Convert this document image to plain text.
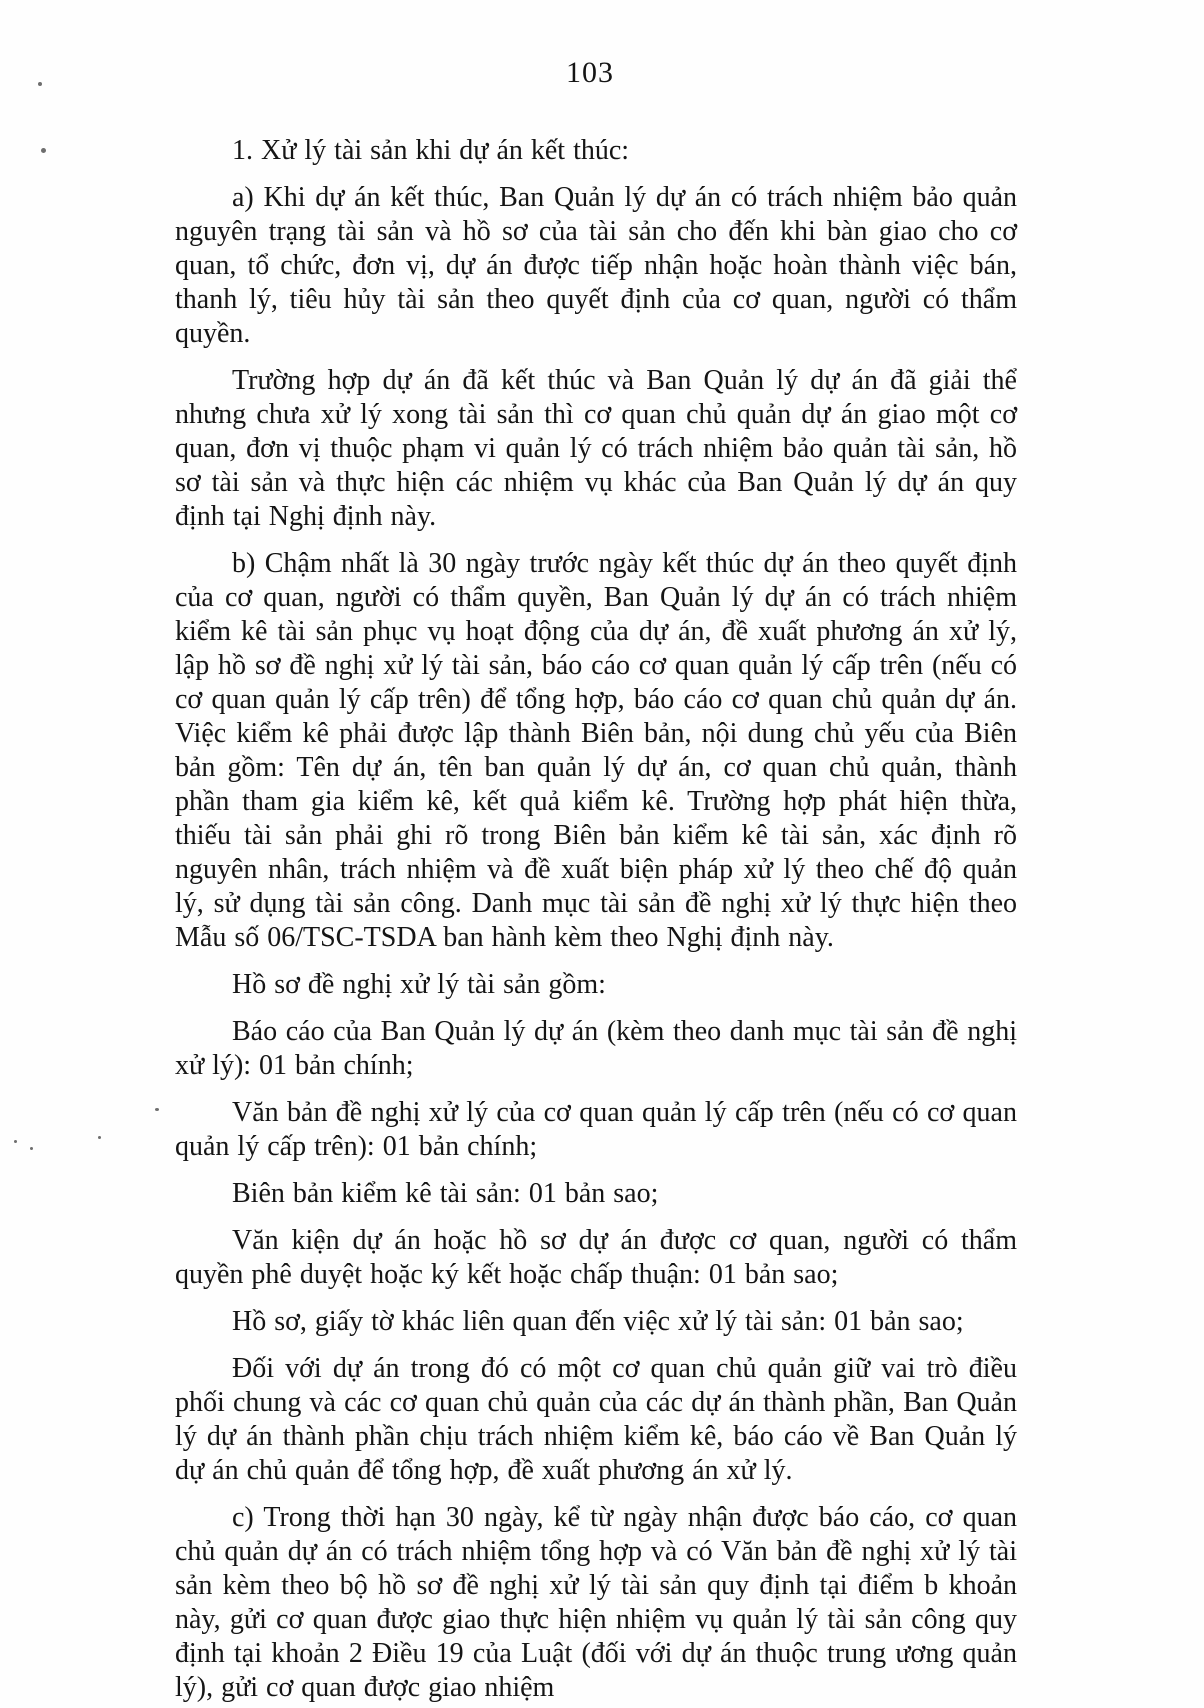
103

1. Xử lý tài sản khi dự án kết thúc:

a) Khi dự án kết thúc, Ban Quản lý dự án có trách nhiệm bảo quản nguyên trạng tài sản và hồ sơ của tài sản cho đến khi bàn giao cho cơ quan, tổ chức, đơn vị, dự án được tiếp nhận hoặc hoàn thành việc bán, thanh lý, tiêu hủy tài sản theo quyết định của cơ quan, người có thẩm quyền.

Trường hợp dự án đã kết thúc và Ban Quản lý dự án đã giải thể nhưng chưa xử lý xong tài sản thì cơ quan chủ quản dự án giao một cơ quan, đơn vị thuộc phạm vi quản lý có trách nhiệm bảo quản tài sản, hồ sơ tài sản và thực hiện các nhiệm vụ khác của Ban Quản lý dự án quy định tại Nghị định này.

b) Chậm nhất là 30 ngày trước ngày kết thúc dự án theo quyết định của cơ quan, người có thẩm quyền, Ban Quản lý dự án có trách nhiệm kiểm kê tài sản phục vụ hoạt động của dự án, đề xuất phương án xử lý, lập hồ sơ đề nghị xử lý tài sản, báo cáo cơ quan quản lý cấp trên (nếu có cơ quan quản lý cấp trên) để tổng hợp, báo cáo cơ quan chủ quản dự án. Việc kiểm kê phải được lập thành Biên bản, nội dung chủ yếu của Biên bản gồm: Tên dự án, tên ban quản lý dự án, cơ quan chủ quản, thành phần tham gia kiểm kê, kết quả kiểm kê. Trường hợp phát hiện thừa, thiếu tài sản phải ghi rõ trong Biên bản kiểm kê tài sản, xác định rõ nguyên nhân, trách nhiệm và đề xuất biện pháp xử lý theo chế độ quản lý, sử dụng tài sản công. Danh mục tài sản đề nghị xử lý thực hiện theo Mẫu số 06/TSC-TSDA ban hành kèm theo Nghị định này.

Hồ sơ đề nghị xử lý tài sản gồm:

Báo cáo của Ban Quản lý dự án (kèm theo danh mục tài sản đề nghị xử lý): 01 bản chính;

Văn bản đề nghị xử lý của cơ quan quản lý cấp trên (nếu có cơ quan quản lý cấp trên): 01 bản chính;

Biên bản kiểm kê tài sản: 01 bản sao;

Văn kiện dự án hoặc hồ sơ dự án được cơ quan, người có thẩm quyền phê duyệt hoặc ký kết hoặc chấp thuận: 01 bản sao;

Hồ sơ, giấy tờ khác liên quan đến việc xử lý tài sản: 01 bản sao;

Đối với dự án trong đó có một cơ quan chủ quản giữ vai trò điều phối chung và các cơ quan chủ quản của các dự án thành phần, Ban Quản lý dự án thành phần chịu trách nhiệm kiểm kê, báo cáo về Ban Quản lý dự án chủ quản để tổng hợp, đề xuất phương án xử lý.

c) Trong thời hạn 30 ngày, kể từ ngày nhận được báo cáo, cơ quan chủ quản dự án có trách nhiệm tổng hợp và có Văn bản đề nghị xử lý tài sản kèm theo bộ hồ sơ đề nghị xử lý tài sản quy định tại điểm b khoản này, gửi cơ quan được giao thực hiện nhiệm vụ quản lý tài sản công quy định tại khoản 2 Điều 19 của Luật (đối với dự án thuộc trung ương quản lý), gửi cơ quan được giao nhiệm
